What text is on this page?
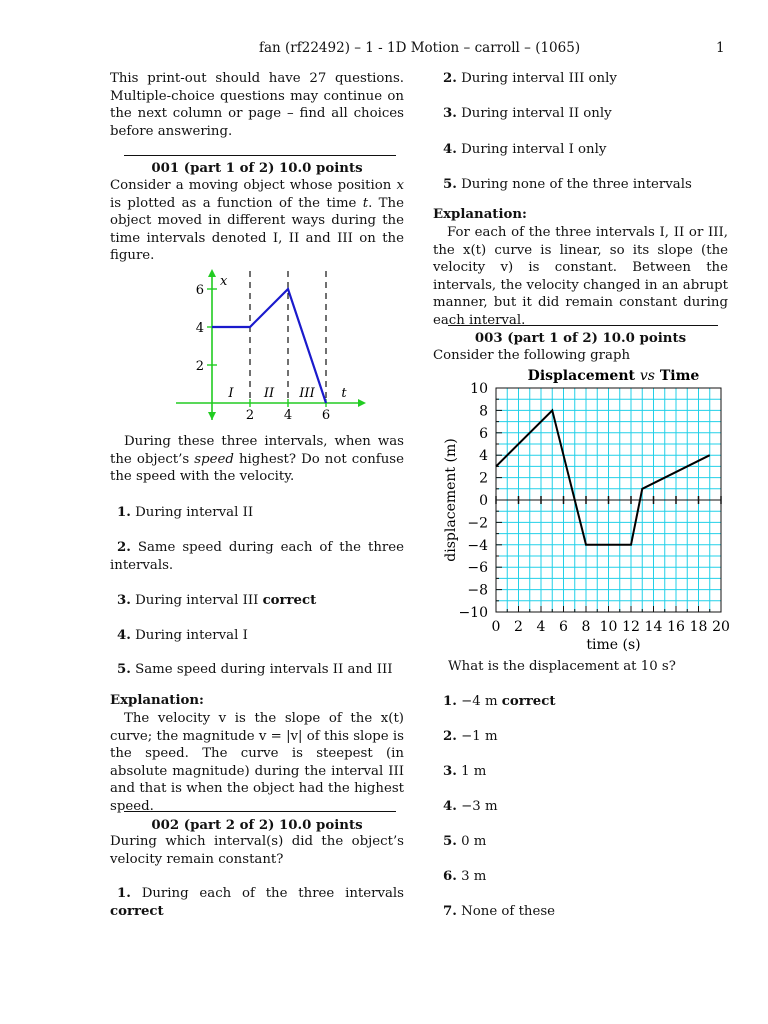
fan (rf22492) – 1 - 1D Motion – carroll – (1065)	1
This print-out should have 27 questions. Multiple-choice questions may continue on the next column or page – find all choices before answering.
001 (part 1 of 2) 10.0 points
Consider a moving object whose position x is plotted as a function of the time t. The object moved in different ways during the time intervals denoted I, II and III on the figure.
2
4
6
2 4 6
x
t
I II III
During these three intervals, when was the object’s speed highest? Do not confuse the speed with the velocity.
1. During interval II
2. Same speed during each of the three intervals.
3. During interval III correct
4. During interval I
5. Same speed during intervals II and III
Explanation:
The velocity v is the slope of the x(t) curve; the magnitude v = |v| of this slope is the speed. The curve is steepest (in absolute magnitude) during the interval III and that is when the object had the highest speed.
002 (part 2 of 2) 10.0 points
During which interval(s) did the object’s velocity remain constant?
1. During each of the three intervals correct
2. During interval III only
3. During interval II only
4. During interval I only
5. During none of the three intervals
Explanation:
For each of the three intervals I, II or III, the x(t) curve is linear, so its slope (the velocity v) is constant. Between the intervals, the velocity changed in an abrupt manner, but it did remain constant during each interval.
003 (part 1 of 2) 10.0 points
Consider the following graph
0 2 4 6 8 10 12 14 16 18 20
10
8
6
4
2
0
−2
−4
−6
−8
−10
Displacement vs Time
time (s)
displacement (m)
What is the displacement at 10 s?
1. −4 m correct
2. −1 m
3. 1 m
4. −3 m
5. 0 m
6. 3 m
7. None of these
